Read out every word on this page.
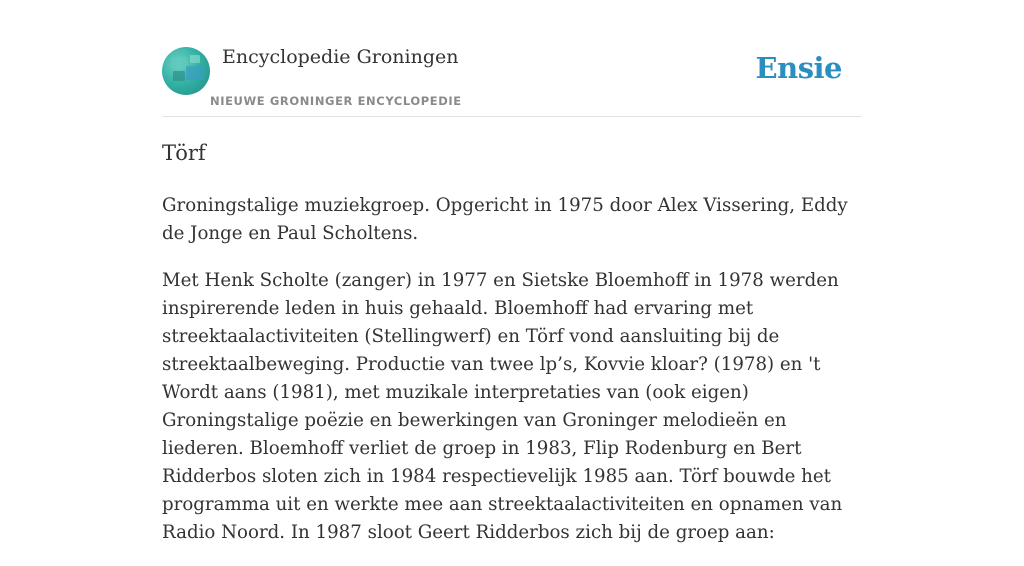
Encyclopedie Groningen
NIEUWE GRONINGER ENCYCLOPEDIE
Ensie
Törf

Groningstalige muziekgroep. Opgericht in 1975 door Alex Vissering, Eddy de Jonge en Paul Scholtens.

Met Henk Scholte (zanger) in 1977 en Sietske Bloemhoff in 1978 werden inspirerende leden in huis gehaald. Bloemhoff had ervaring met streektaalactiviteiten (Stellingwerf) en Törf vond aansluiting bij de streektaalbeweging. Productie van twee lp’s, Kovvie kloar? (1978) en 't Wordt aans (1981), met muzikale interpretaties van (ook eigen) Groningstalige poëzie en bewerkingen van Groninger melodieën en liederen. Bloemhoff verliet de groep in 1983, Flip Rodenburg en Bert Ridderbos sloten zich in 1984 respectievelijk 1985 aan. Törf bouwde het programma uit en werkte mee aan streektaalactiviteiten en opnamen van Radio Noord. In 1987 sloot Geert Ridderbos zich bij de groep aan:
